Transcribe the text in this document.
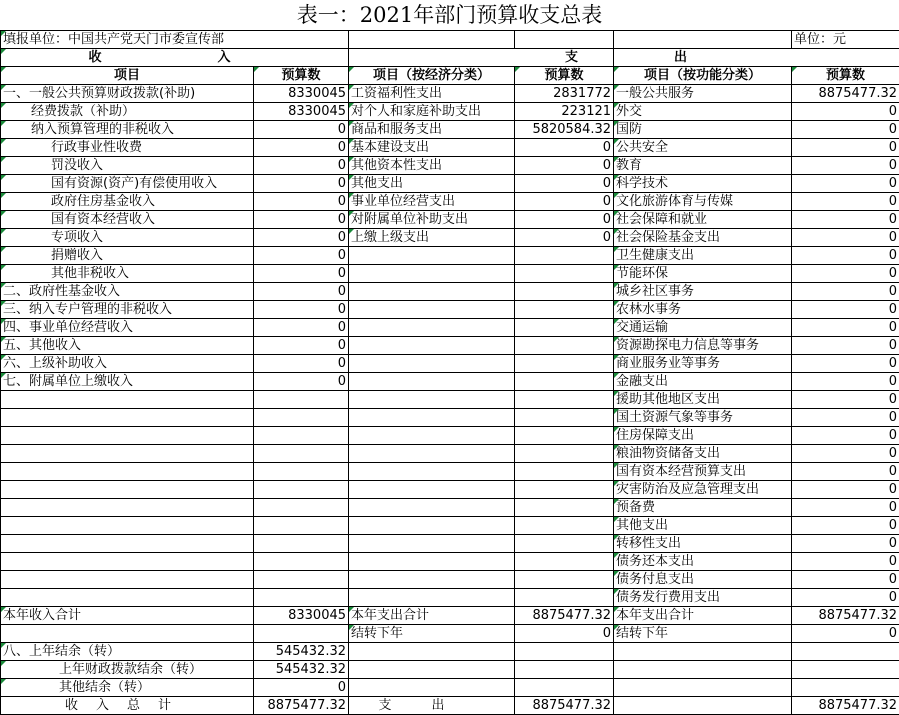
表一：2021年部门预算收支总表
填报单位：中国共产党天门市委宣传部					单位：元
收　　入		支		出	
项目	预算数	项目（按经济分类）	预算数	项目（按功能分类）	预算数
一、一般公共预算财政拨款(补助)	8330045	工资福利性支出	2831772	一般公共服务	8875477.32
经费拨款（补助）	8330045	对个人和家庭补助支出	223121	外交	0
纳入预算管理的非税收入	0	商品和服务支出	5820584.32	国防	0
行政事业性收费	0	基本建设支出	0	公共安全	0
罚没收入	0	其他资本性支出	0	教育	0
国有资源(资产)有偿使用收入	0	其他支出	0	科学技术	0
政府住房基金收入	0	事业单位经营支出	0	文化旅游体育与传媒	0
国有资本经营收入	0	对附属单位补助支出	0	社会保障和就业	0
专项收入	0	上缴上级支出	0	社会保险基金支出	0
捐赠收入	0			卫生健康支出	0
其他非税收入	0			节能环保	0
二、政府性基金收入	0			城乡社区事务	0
三、纳入专户管理的非税收入	0			农林水事务	0
四、事业单位经营收入	0			交通运输	0
五、其他收入	0			资源勘探电力信息等事务	0
六、上级补助收入	0			商业服务业等事务	0
七、附属单位上缴收入	0			金融支出	0
				援助其他地区支出	0
				国土资源气象等事务	0
				住房保障支出	0
				粮油物资储备支出	0
				国有资本经营预算支出	0
				灾害防治及应急管理支出	0
				预备费	0
				其他支出	0
				转移性支出	0
				债务还本支出	0
				债务付息支出	0
				债务发行费用支出	0
本年收入合计	8330045	本年支出合计	8875477.32	本年支出合计	8875477.32
		结转下年	0	结转下年	0
八、上年结余（转）	545432.32				
上年财政拨款结余（转）	545432.32				
其他结余（转）	0				
收入总计	8875477.32	支出	8875477.32		8875477.32
